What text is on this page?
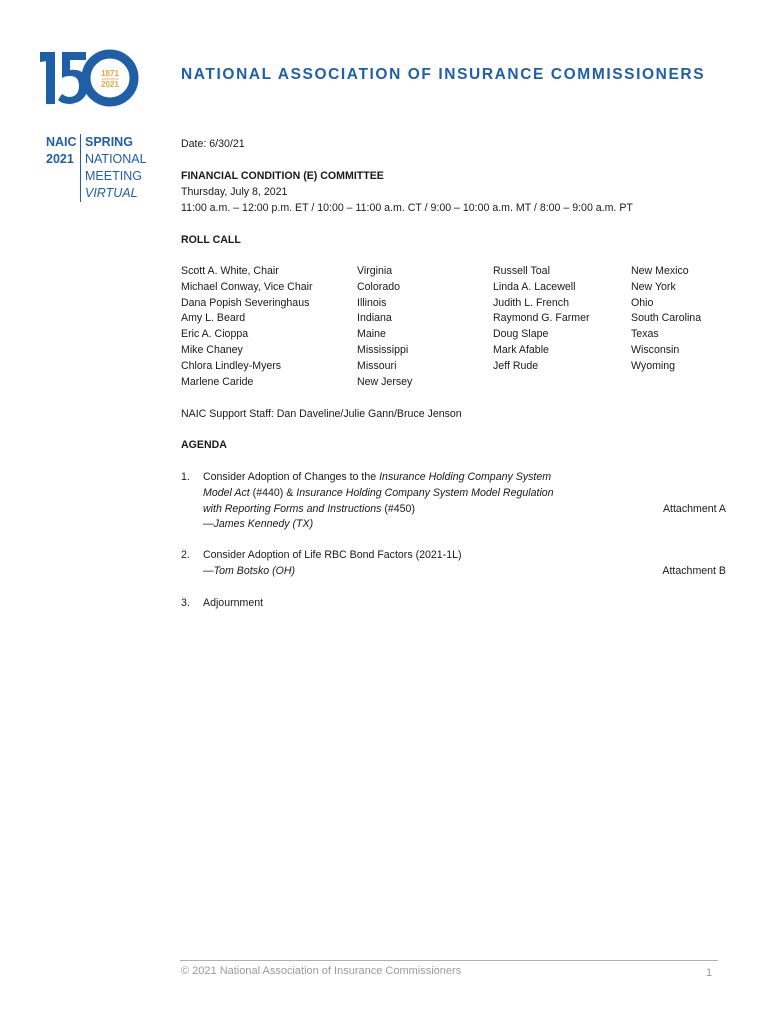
1871
2021
NATIONAL ASSOCIATION OF INSURANCE COMMISSIONERS
NAIC SPRING
2021 NATIONAL
MEETING
VIRTUAL
Date: 6/30/21
FINANCIAL CONDITION (E) COMMITTEE
Thursday, July 8, 2021
11:00 a.m. – 12:00 p.m. ET / 10:00 – 11:00 a.m. CT / 9:00 – 10:00 a.m. MT / 8:00 – 9:00 a.m. PT
ROLL CALL
Scott A. White, Chair
Michael Conway, Vice Chair
Dana Popish Severinghaus
Amy L. Beard
Eric A. Cioppa
Mike Chaney
Chlora Lindley-Myers
Marlene Caride
Virginia
Colorado
Illinois
Indiana
Maine
Mississippi
Missouri
New Jersey
Russell Toal
Linda A. Lacewell
Judith L. French
Raymond G. Farmer
Doug Slape
Mark Afable
Jeff Rude
New Mexico
New York
Ohio
South Carolina
Texas
Wisconsin
Wyoming
NAIC Support Staff: Dan Daveline/Julie Gann/Bruce Jenson
AGENDA
1. Consider Adoption of Changes to the Insurance Holding Company System
Model Act (#440) & Insurance Holding Company System Model Regulation
with Reporting Forms and Instructions (#450)
—James Kennedy (TX)
Attachment A
2. Consider Adoption of Life RBC Bond Factors (2021-1L)
—Tom Botsko (OH)	Attachment B
3. Adjournment
© 2021 National Association of Insurance Commissioners	1
